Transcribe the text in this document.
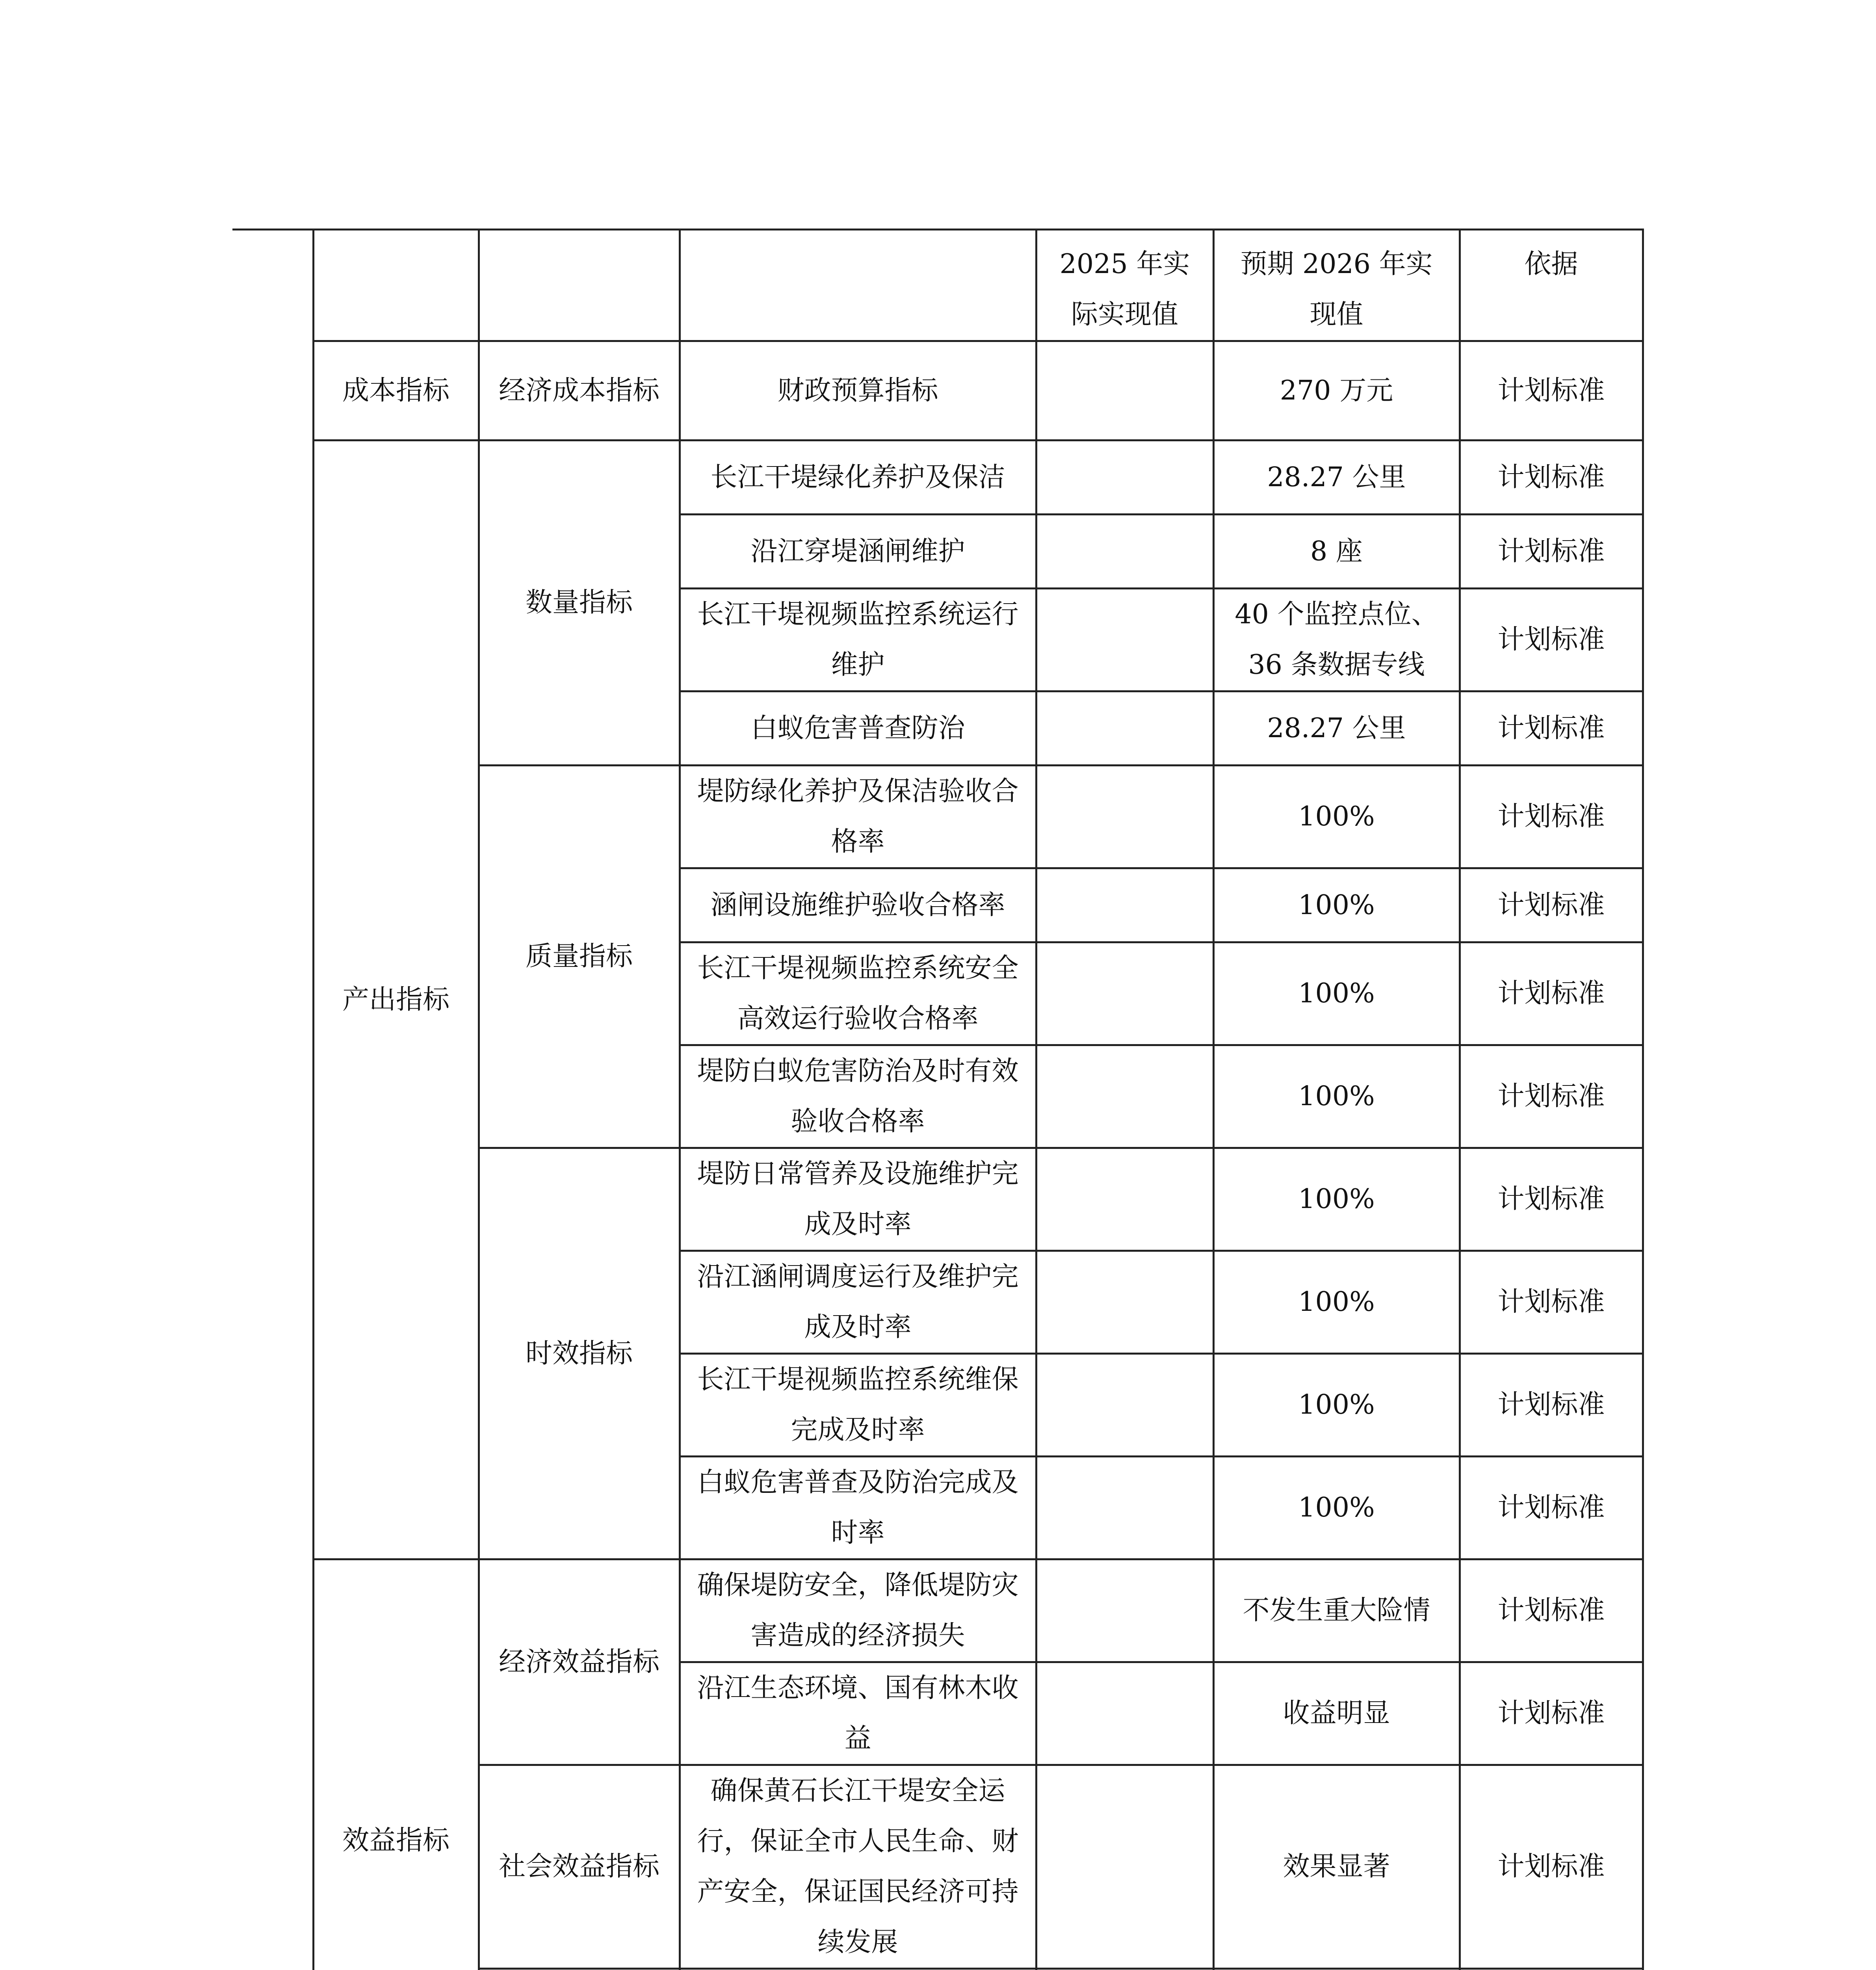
				2025 年实际实现值	预期 2026 年实现值	依据
	成本指标	经济成本指标	财政预算指标		270 万元	计划标准
	产出指标	数量指标	长江干堤绿化养护及保洁		28.27 公里	计划标准
			沿江穿堤涵闸维护		8 座	计划标准
			长江干堤视频监控系统运行维护		40 个监控点位、36 条数据专线	计划标准
			白蚁危害普查防治		28.27 公里	计划标准
		质量指标	堤防绿化养护及保洁验收合格率		100%	计划标准
			涵闸设施维护验收合格率		100%	计划标准
			长江干堤视频监控系统安全高效运行验收合格率		100%	计划标准
			堤防白蚁危害防治及时有效验收合格率		100%	计划标准
		时效指标	堤防日常管养及设施维护完成及时率		100%	计划标准
			沿江涵闸调度运行及维护完成及时率		100%	计划标准
			长江干堤视频监控系统维保完成及时率		100%	计划标准
			白蚁危害普查及防治完成及时率		100%	计划标准
	效益指标	经济效益指标	确保堤防安全，降低堤防灾害造成的经济损失		不发生重大险情	计划标准
			沿江生态环境、国有林木收益		收益明显	计划标准
		社会效益指标	确保黄石长江干堤安全运行，保证全市人民生命、财产安全，保证国民经济可持续发展		效果显著	计划标准
